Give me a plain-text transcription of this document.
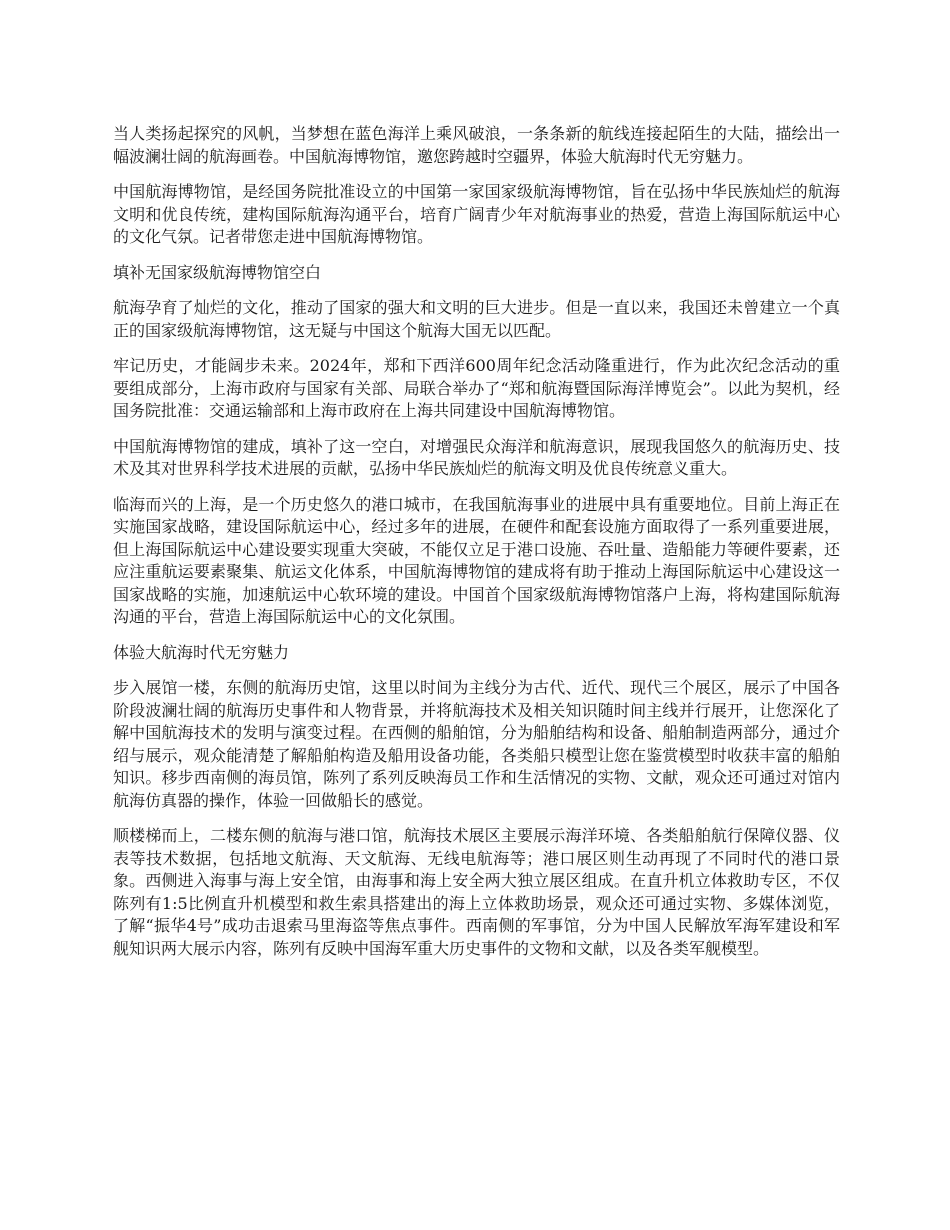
当人类扬起探究的风帆，当梦想在蓝色海洋上乘风破浪，一条条新的航线连接起陌生的大陆，描绘出一幅波澜壮阔的航海画卷。中国航海博物馆，邀您跨越时空疆界，体验大航海时代无穷魅力。

中国航海博物馆，是经国务院批准设立的中国第一家国家级航海博物馆，旨在弘扬中华民族灿烂的航海文明和优良传统，建构国际航海沟通平台，培育广阔青少年对航海事业的热爱，营造上海国际航运中心的文化气氛。记者带您走进中国航海博物馆。

填补无国家级航海博物馆空白

航海孕育了灿烂的文化，推动了国家的强大和文明的巨大进步。但是一直以来，我国还未曾建立一个真正的国家级航海博物馆，这无疑与中国这个航海大国无以匹配。

牢记历史，才能阔步未来。2024年，郑和下西洋600周年纪念活动隆重进行，作为此次纪念活动的重要组成部分，上海市政府与国家有关部、局联合举办了“郑和航海暨国际海洋博览会”。以此为契机，经国务院批准：交通运输部和上海市政府在上海共同建设中国航海博物馆。

中国航海博物馆的建成，填补了这一空白，对增强民众海洋和航海意识，展现我国悠久的航海历史、技术及其对世界科学技术进展的贡献，弘扬中华民族灿烂的航海文明及优良传统意义重大。

临海而兴的上海，是一个历史悠久的港口城市，在我国航海事业的进展中具有重要地位。目前上海正在实施国家战略，建设国际航运中心，经过多年的进展，在硬件和配套设施方面取得了一系列重要进展，但上海国际航运中心建设要实现重大突破，不能仅立足于港口设施、吞吐量、造船能力等硬件要素，还应注重航运要素聚集、航运文化体系，中国航海博物馆的建成将有助于推动上海国际航运中心建设这一国家战略的实施，加速航运中心软环境的建设。中国首个国家级航海博物馆落户上海，将构建国际航海沟通的平台，营造上海国际航运中心的文化氛围。

体验大航海时代无穷魅力

步入展馆一楼，东侧的航海历史馆，这里以时间为主线分为古代、近代、现代三个展区，展示了中国各阶段波澜壮阔的航海历史事件和人物背景，并将航海技术及相关知识随时间主线并行展开，让您深化了解中国航海技术的发明与演变过程。在西侧的船舶馆，分为船舶结构和设备、船舶制造两部分，通过介绍与展示，观众能清楚了解船舶构造及船用设备功能，各类船只模型让您在鉴赏模型时收获丰富的船舶知识。移步西南侧的海员馆，陈列了系列反映海员工作和生活情况的实物、文献，观众还可通过对馆内航海仿真器的操作，体验一回做船长的感觉。

顺楼梯而上，二楼东侧的航海与港口馆，航海技术展区主要展示海洋环境、各类船舶航行保障仪器、仪表等技术数据，包括地文航海、天文航海、无线电航海等；港口展区则生动再现了不同时代的港口景象。西侧进入海事与海上安全馆，由海事和海上安全两大独立展区组成。在直升机立体救助专区，不仅陈列有1:5比例直升机模型和救生索具搭建出的海上立体救助场景，观众还可通过实物、多媒体浏览，了解“振华4号”成功击退索马里海盗等焦点事件。西南侧的军事馆，分为中国人民解放军海军建设和军舰知识两大展示内容，陈列有反映中国海军重大历史事件的文物和文献，以及各类军舰模型。
